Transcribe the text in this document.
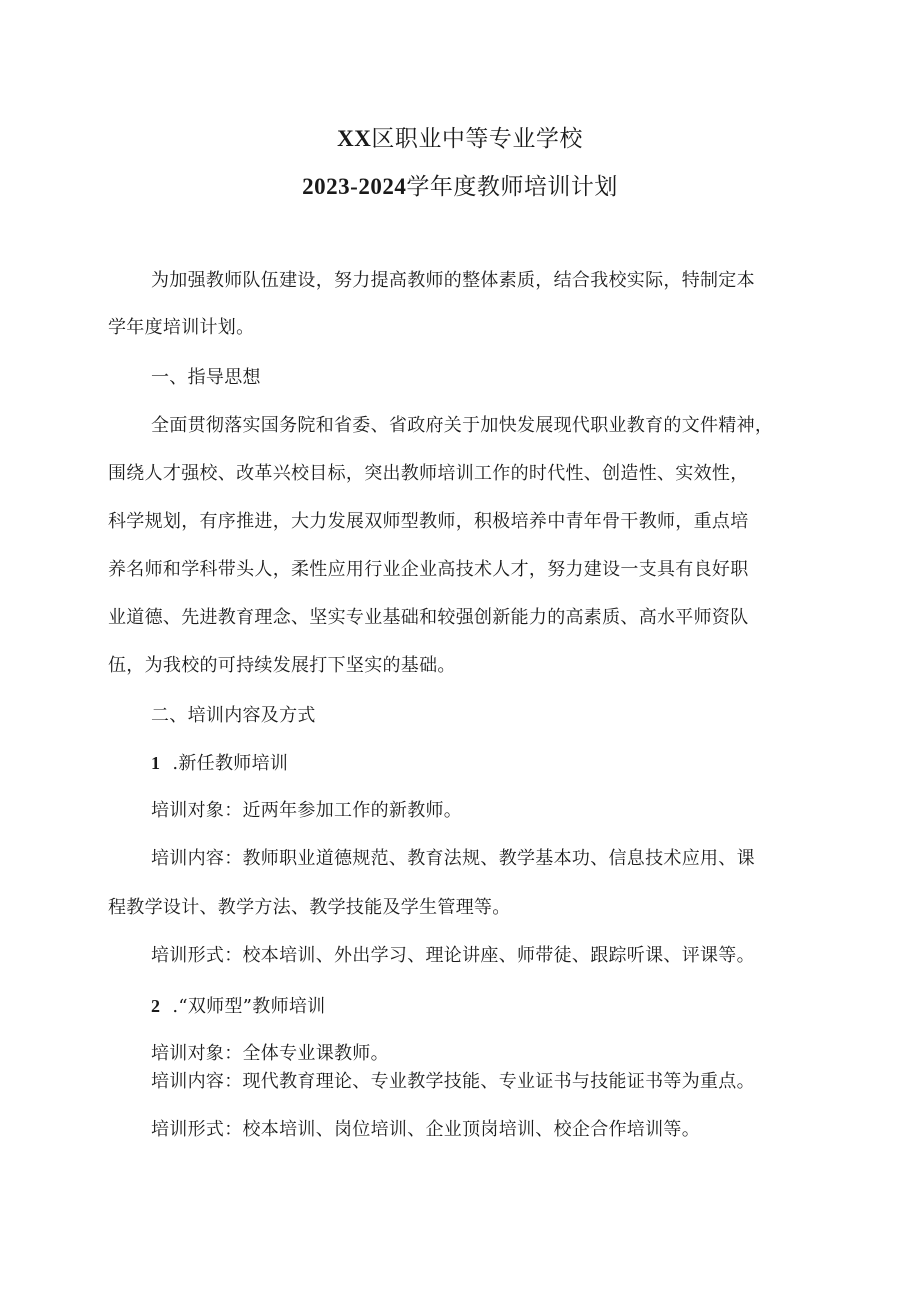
XX区职业中等专业学校
2023-2024学年度教师培训计划
为加强教师队伍建设，努力提高教师的整体素质，结合我校实际，特制定本
学年度培训计划。
一、指导思想
全面贯彻落实国务院和省委、省政府关于加快发展现代职业教育的文件精神，
围绕人才强校、改革兴校目标，突出教师培训工作的时代性、创造性、实效性，
科学规划，有序推进，大力发展双师型教师，积极培养中青年骨干教师，重点培
养名师和学科带头人，柔性应用行业企业高技术人才，努力建设一支具有良好职
业道德、先进教育理念、坚实专业基础和较强创新能力的高素质、高水平师资队
伍，为我校的可持续发展打下坚实的基础。
二、培训内容及方式
1 .新任教师培训
培训对象：近两年参加工作的新教师。
培训内容：教师职业道德规范、教育法规、教学基本功、信息技术应用、课
程教学设计、教学方法、教学技能及学生管理等。
培训形式：校本培训、外出学习、理论讲座、师带徒、跟踪听课、评课等。
2 .“双师型”教师培训
培训对象：全体专业课教师。
培训内容：现代教育理论、专业教学技能、专业证书与技能证书等为重点。
培训形式：校本培训、岗位培训、企业顶岗培训、校企合作培训等。
